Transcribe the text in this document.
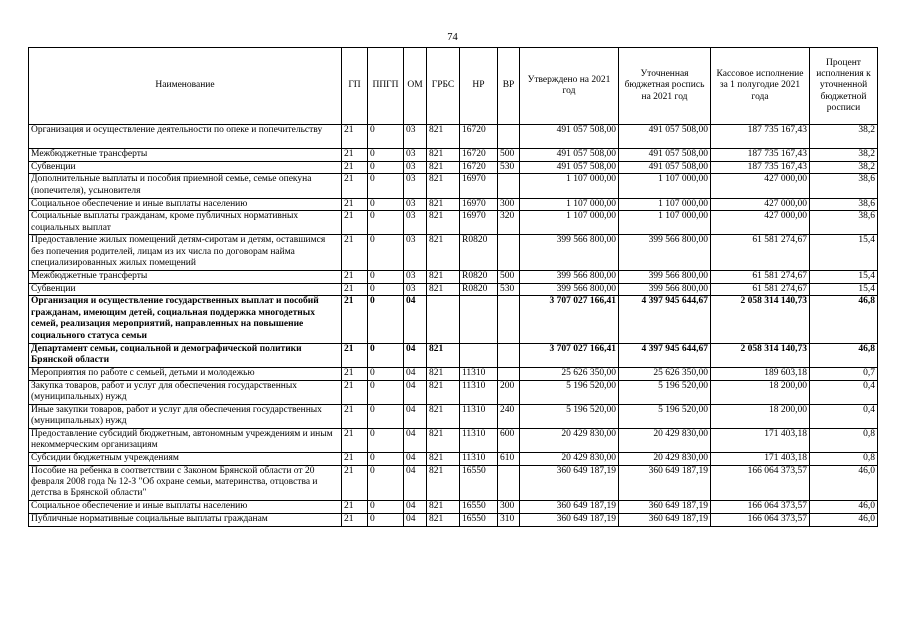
74
Наименование	ГП	ППГП	ОМ	ГРБС	НР	ВР	Утверждено на 2021 год	Уточненная бюджетная роспись на 2021 год	Кассовое исполнение за 1 полугодие 2021 года	Процент исполнения к уточненной бюджетной росписи
Организация и осуществление деятельности по опеке и попечительству	21	0	03	821	16720		491 057 508,00	491 057 508,00	187 735 167,43	38,2
Межбюджетные трансферты	21	0	03	821	16720	500	491 057 508,00	491 057 508,00	187 735 167,43	38,2
Субвенции	21	0	03	821	16720	530	491 057 508,00	491 057 508,00	187 735 167,43	38,2
Дополнительные выплаты и пособия приемной семье, семье опекуна (попечителя), усыновителя	21	0	03	821	16970		1 107 000,00	1 107 000,00	427 000,00	38,6
Социальное обеспечение и иные выплаты населению	21	0	03	821	16970	300	1 107 000,00	1 107 000,00	427 000,00	38,6
Социальные выплаты гражданам, кроме публичных нормативных социальных выплат	21	0	03	821	16970	320	1 107 000,00	1 107 000,00	427 000,00	38,6
Предоставление жилых помещений детям-сиротам и детям, оставшимся без попечения родителей, лицам из их числа по договорам найма специализированных жилых помещений	21	0	03	821	R0820		399 566 800,00	399 566 800,00	61 581 274,67	15,4
Межбюджетные трансферты	21	0	03	821	R0820	500	399 566 800,00	399 566 800,00	61 581 274,67	15,4
Субвенции	21	0	03	821	R0820	530	399 566 800,00	399 566 800,00	61 581 274,67	15,4
Организация и осуществление государственных выплат и пособий гражданам, имеющим детей, социальная поддержка многодетных семей, реализация мероприятий, направленных на повышение социального статуса семьи	21	0	04				3 707 027 166,41	4 397 945 644,67	2 058 314 140,73	46,8
Департамент семьи, социальной и демографической политики Брянской области	21	0	04	821			3 707 027 166,41	4 397 945 644,67	2 058 314 140,73	46,8
Мероприятия по работе с семьей, детьми и молодежью	21	0	04	821	11310		25 626 350,00	25 626 350,00	189 603,18	0,7
Закупка товаров, работ и услуг для обеспечения государственных (муниципальных) нужд	21	0	04	821	11310	200	5 196 520,00	5 196 520,00	18 200,00	0,4
Иные закупки товаров, работ и услуг для обеспечения государственных (муниципальных) нужд	21	0	04	821	11310	240	5 196 520,00	5 196 520,00	18 200,00	0,4
Предоставление субсидий бюджетным, автономным учреждениям и иным некоммерческим организациям	21	0	04	821	11310	600	20 429 830,00	20 429 830,00	171 403,18	0,8
Субсидии бюджетным учреждениям	21	0	04	821	11310	610	20 429 830,00	20 429 830,00	171 403,18	0,8
Пособие на ребенка в соответствии с Законом Брянской области от 20 февраля 2008 года № 12-З "Об охране семьи, материнства, отцовства и детства в Брянской области"	21	0	04	821	16550		360 649 187,19	360 649 187,19	166 064 373,57	46,0
Социальное обеспечение и иные выплаты населению	21	0	04	821	16550	300	360 649 187,19	360 649 187,19	166 064 373,57	46,0
Публичные нормативные социальные выплаты гражданам	21	0	04	821	16550	310	360 649 187,19	360 649 187,19	166 064 373,57	46,0
